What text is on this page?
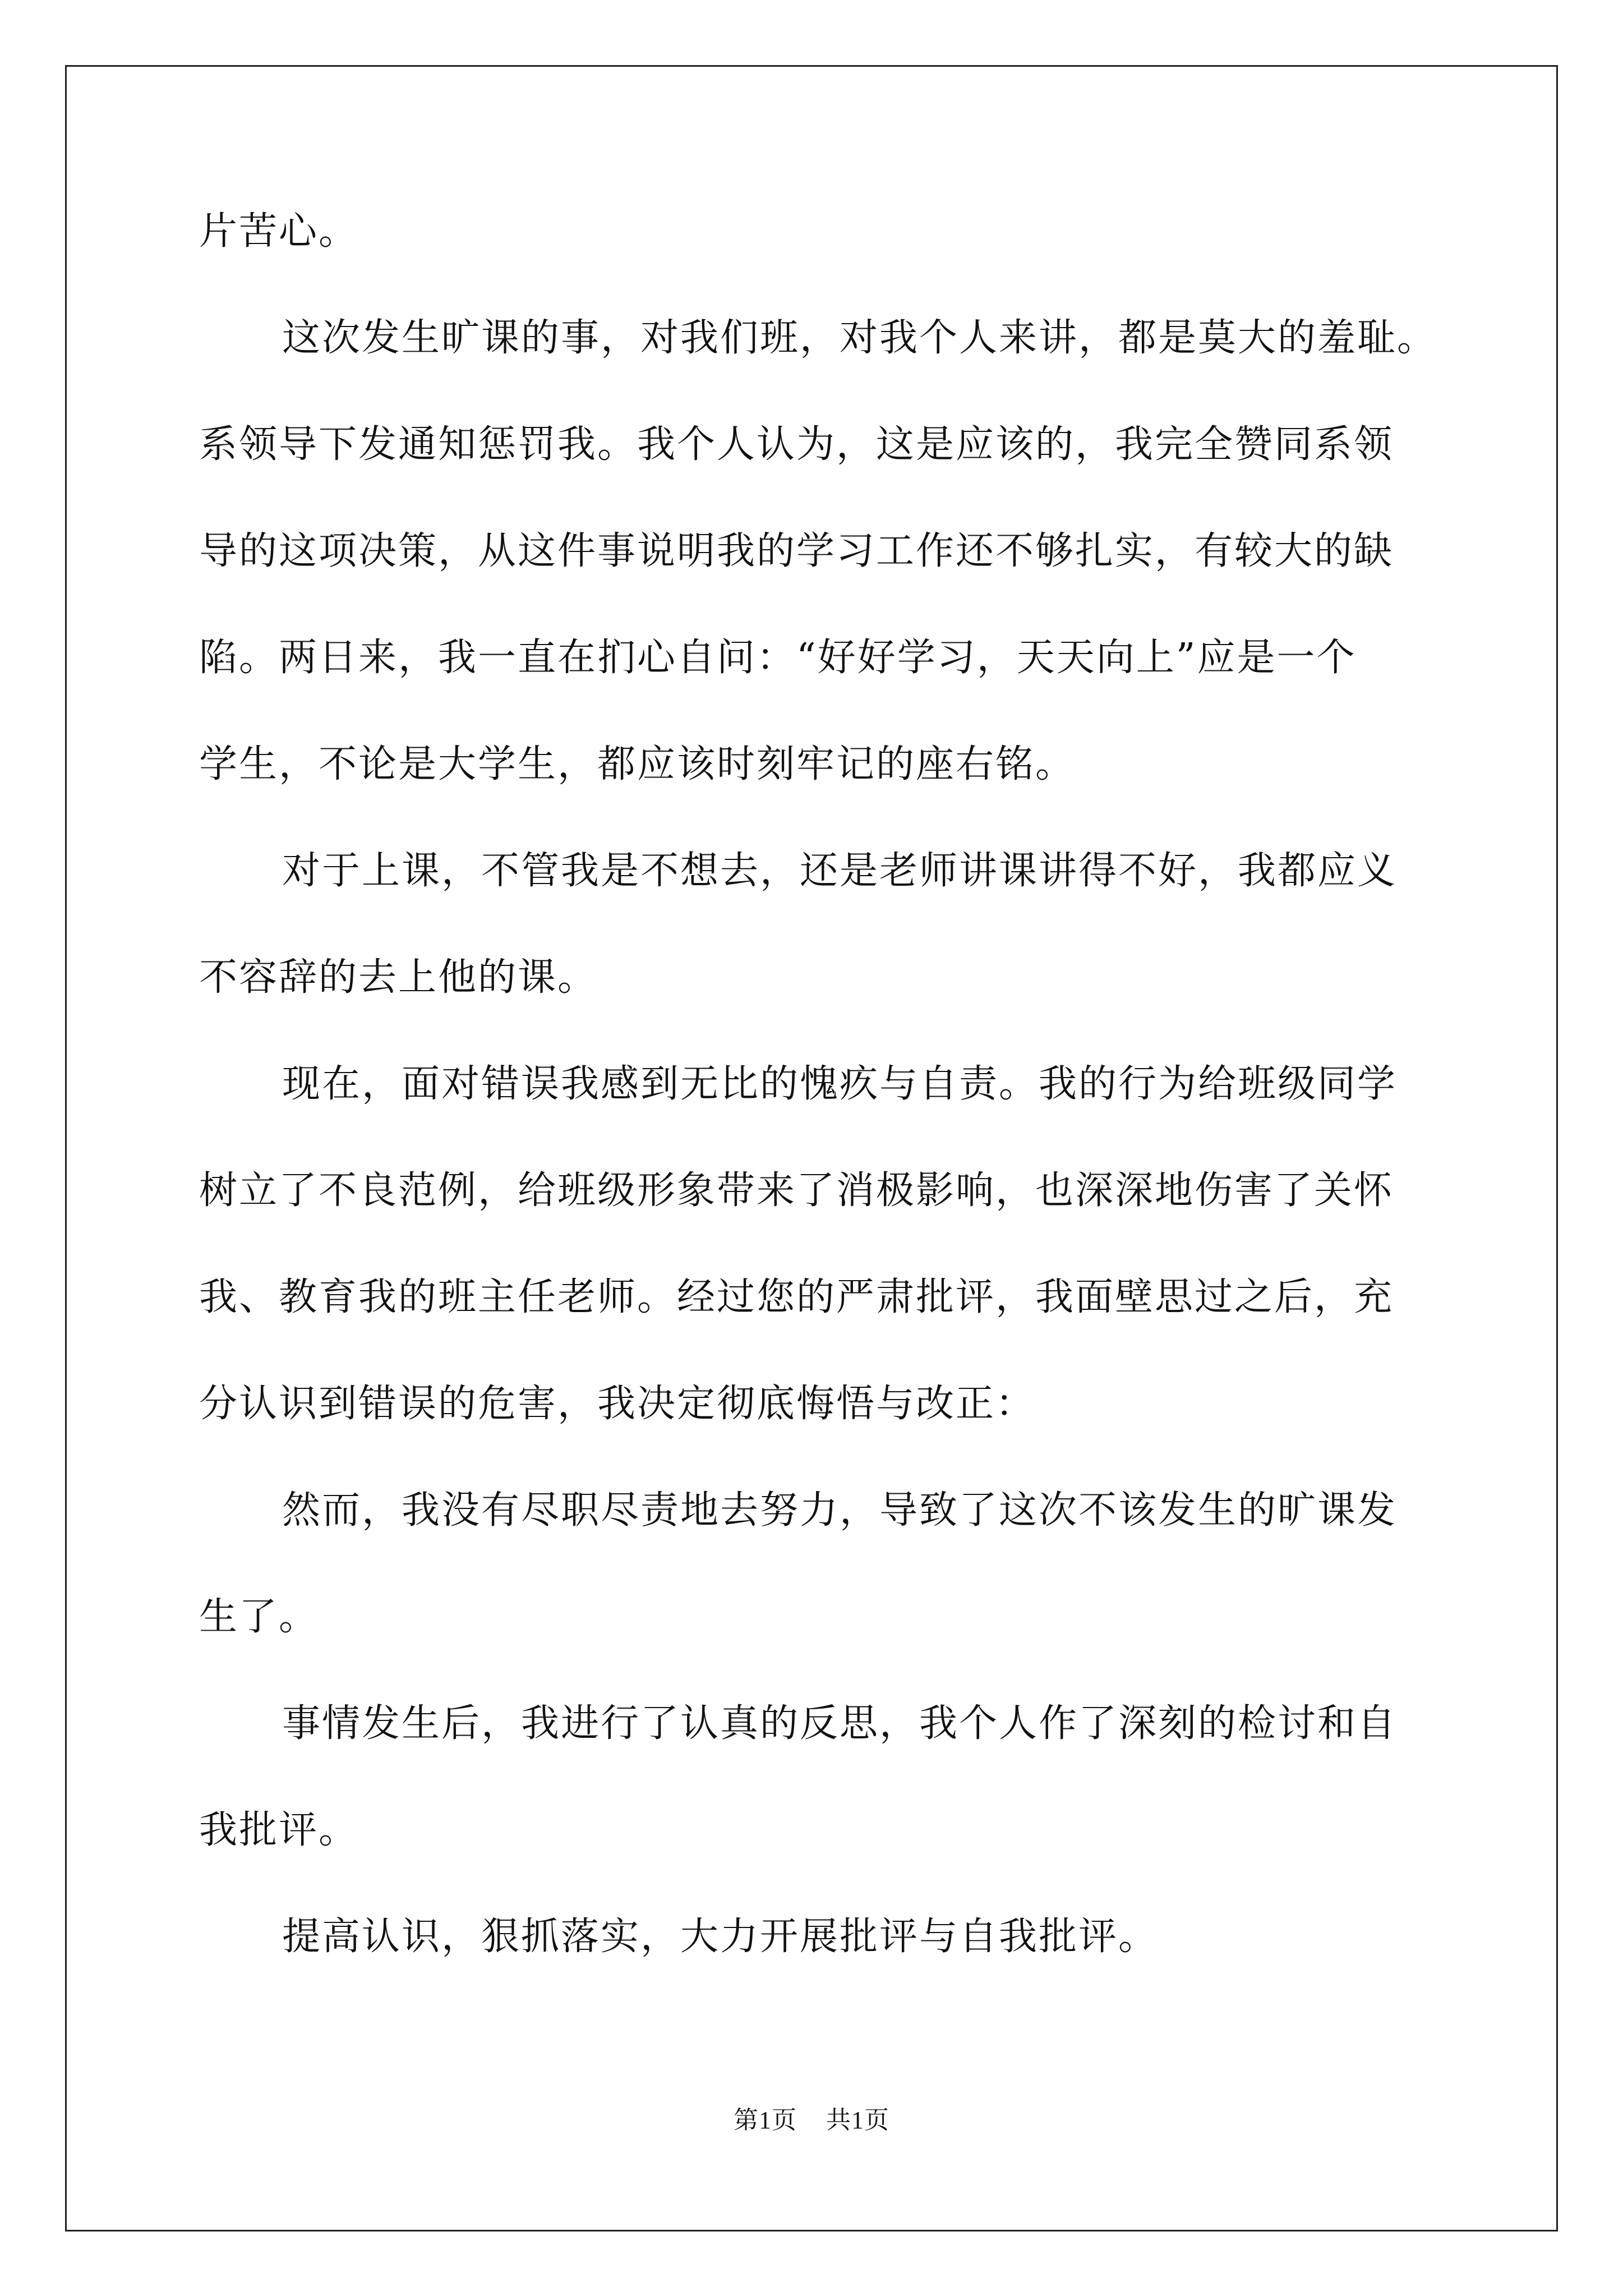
片苦心。
这次发生旷课的事，对我们班，对我个人来讲，都是莫大的羞耻。
系领导下发通知惩罚我。我个人认为，这是应该的，我完全赞同系领
导的这项决策，从这件事说明我的学习工作还不够扎实，有较大的缺
陷。两日来，我一直在扪心自问：“好好学习，天天向上”应是一个
学生，不论是大学生，都应该时刻牢记的座右铭。
对于上课，不管我是不想去，还是老师讲课讲得不好，我都应义
不容辞的去上他的课。
现在，面对错误我感到无比的愧疚与自责。我的行为给班级同学
树立了不良范例，给班级形象带来了消极影响，也深深地伤害了关怀
我、教育我的班主任老师。经过您的严肃批评，我面壁思过之后，充
分认识到错误的危害，我决定彻底悔悟与改正：
然而，我没有尽职尽责地去努力，导致了这次不该发生的旷课发
生了。
事情发生后，我进行了认真的反思，我个人作了深刻的检讨和自
我批评。
提高认识，狠抓落实，大力开展批评与自我批评。
第1页 共1页
